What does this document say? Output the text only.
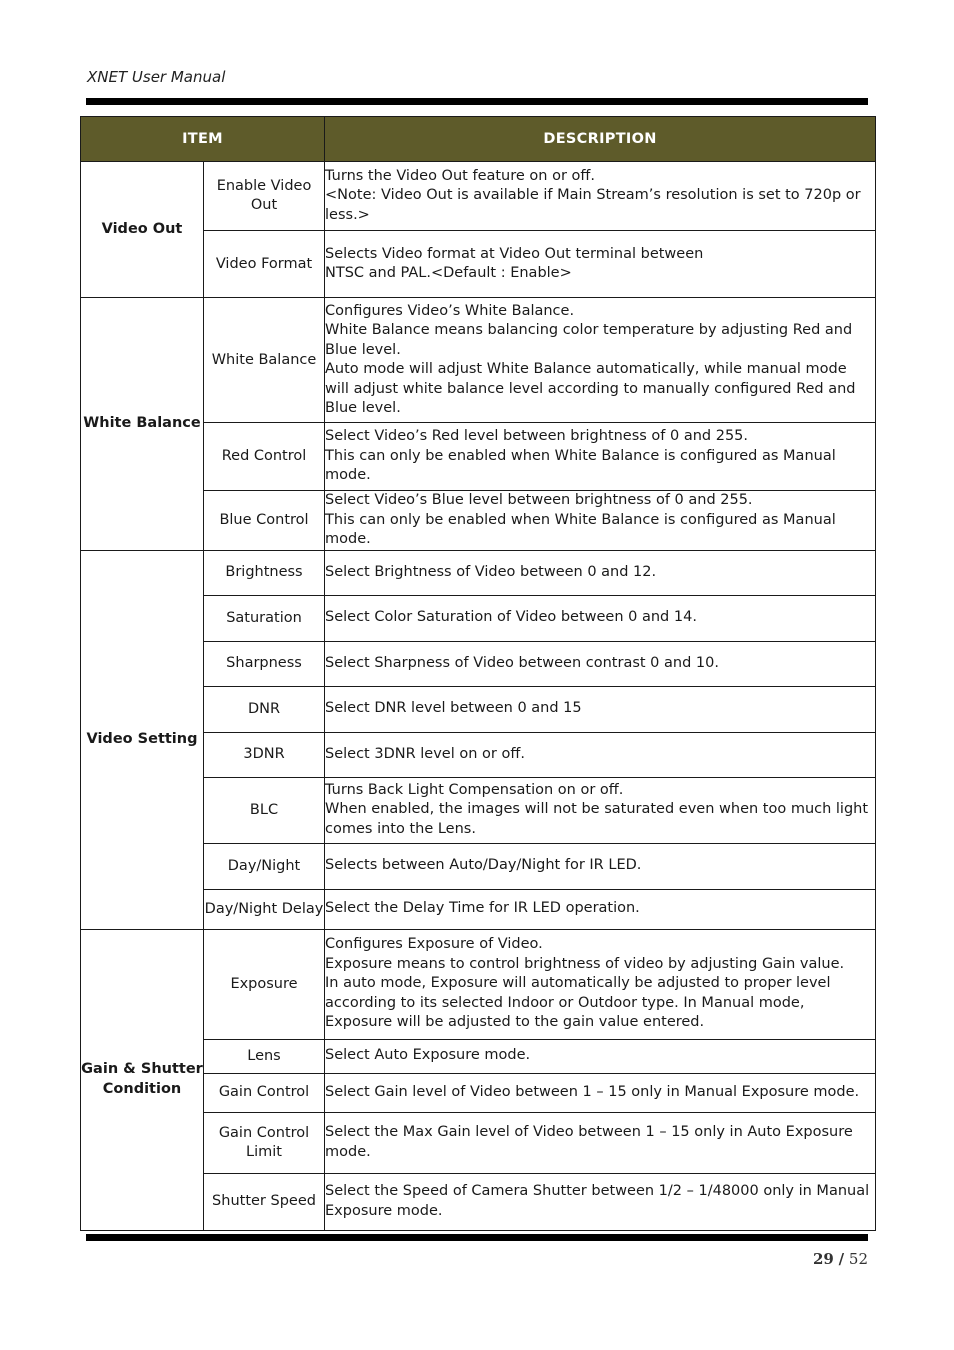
XNET User Manual
ITEM		DESCRIPTION
Video Out	Enable Video Out	Turns the Video Out feature on or off.
<Note: Video Out is available if Main Stream’s resolution is set to 720p or less.>
	Video Format	Selects Video format at Video Out terminal between
NTSC and PAL.<Default : Enable>
White Balance	White Balance	Configures Video’s White Balance.
White Balance means balancing color temperature by adjusting Red and Blue level.
Auto mode will adjust White Balance automatically, while manual mode will adjust white balance level according to manually configured Red and Blue level.
	Red Control	Select Video’s Red level between brightness of 0 and 255.
This can only be enabled when White Balance is configured as Manual mode.
	Blue Control	Select Video’s Blue level between brightness of 0 and 255.
This can only be enabled when White Balance is configured as Manual mode.
Video Setting	Brightness	Select Brightness of Video between 0 and 12.
	Saturation	Select Color Saturation of Video between 0 and 14.
	Sharpness	Select Sharpness of Video between contrast 0 and 10.
	DNR	Select DNR level between 0 and 15
	3DNR	Select 3DNR level on or off.
	BLC	Turns Back Light Compensation on or off.
When enabled, the images will not be saturated even when too much light comes into the Lens.
	Day/Night	Selects between Auto/Day/Night for IR LED.
	Day/Night Delay	Select the Delay Time for IR LED operation.
Gain & Shutter Condition	Exposure	Configures Exposure of Video.
Exposure means to control brightness of video by adjusting Gain value.
In auto mode, Exposure will automatically be adjusted to proper level according to its selected Indoor or Outdoor type. In Manual mode, Exposure will be adjusted to the gain value entered.
	Lens	Select Auto Exposure mode.
	Gain Control	Select Gain level of Video between 1 – 15 only in Manual Exposure mode.
	Gain Control Limit	Select the Max Gain level of Video between 1 – 15 only in Auto Exposure mode.
	Shutter Speed	Select the Speed of Camera Shutter between 1/2 – 1/48000 only in Manual Exposure mode.
29 / 52
